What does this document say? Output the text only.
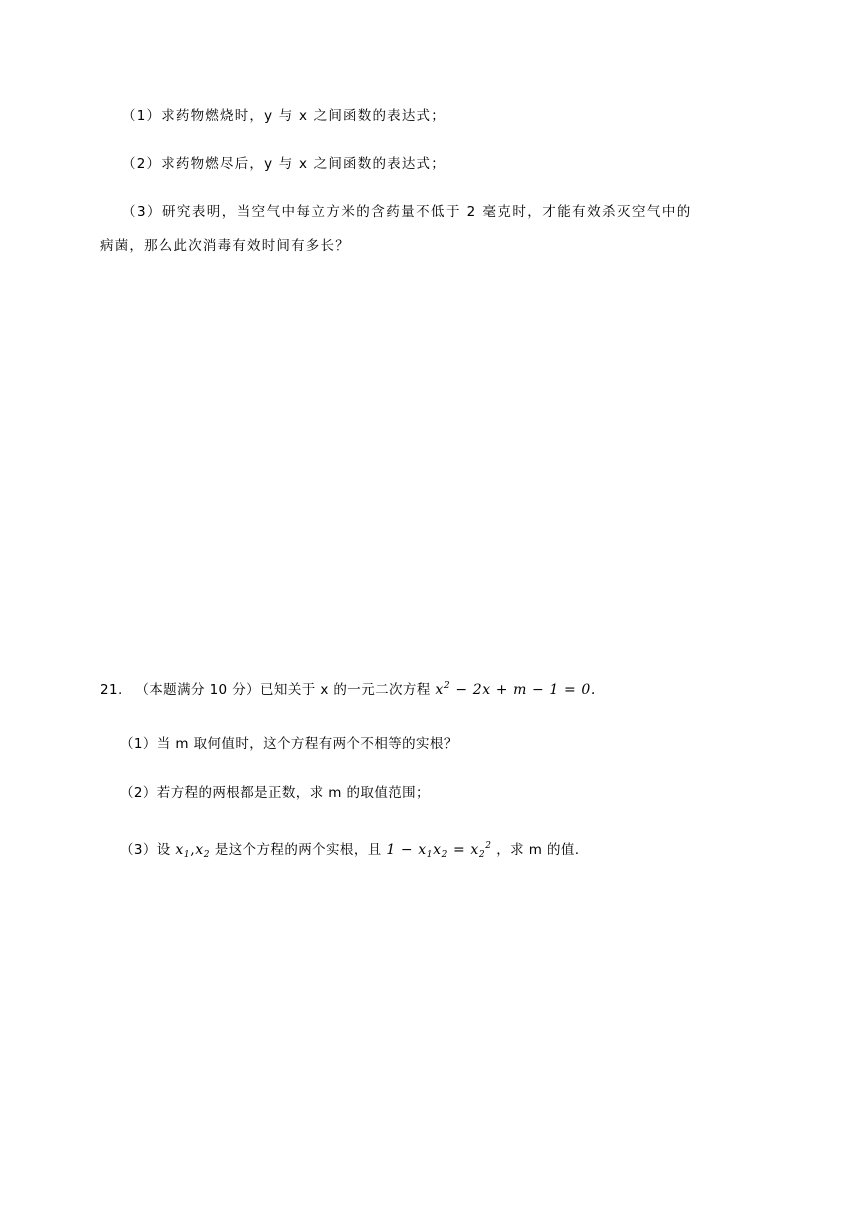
（1）求药物燃烧时，y 与 x 之间函数的表达式；
（2）求药物燃尽后，y 与 x 之间函数的表达式；
（3）研究表明，当空气中每立方米的含药量不低于 2 毫克时，才能有效杀灭空气中的
病菌，那么此次消毒有效时间有多长？
21. （本题满分 10 分）已知关于 x 的一元二次方程 $x^2 - 2x + m - 1 = 0$.
（1）当 m 取何值时，这个方程有两个不相等的实根？
（2）若方程的两根都是正数，求 m 的取值范围；
（3）设 $x_1,x_2$ 是这个方程的两个实根，且 $1 - x_1x_2 = x_2^2$ ，求 m 的值.
